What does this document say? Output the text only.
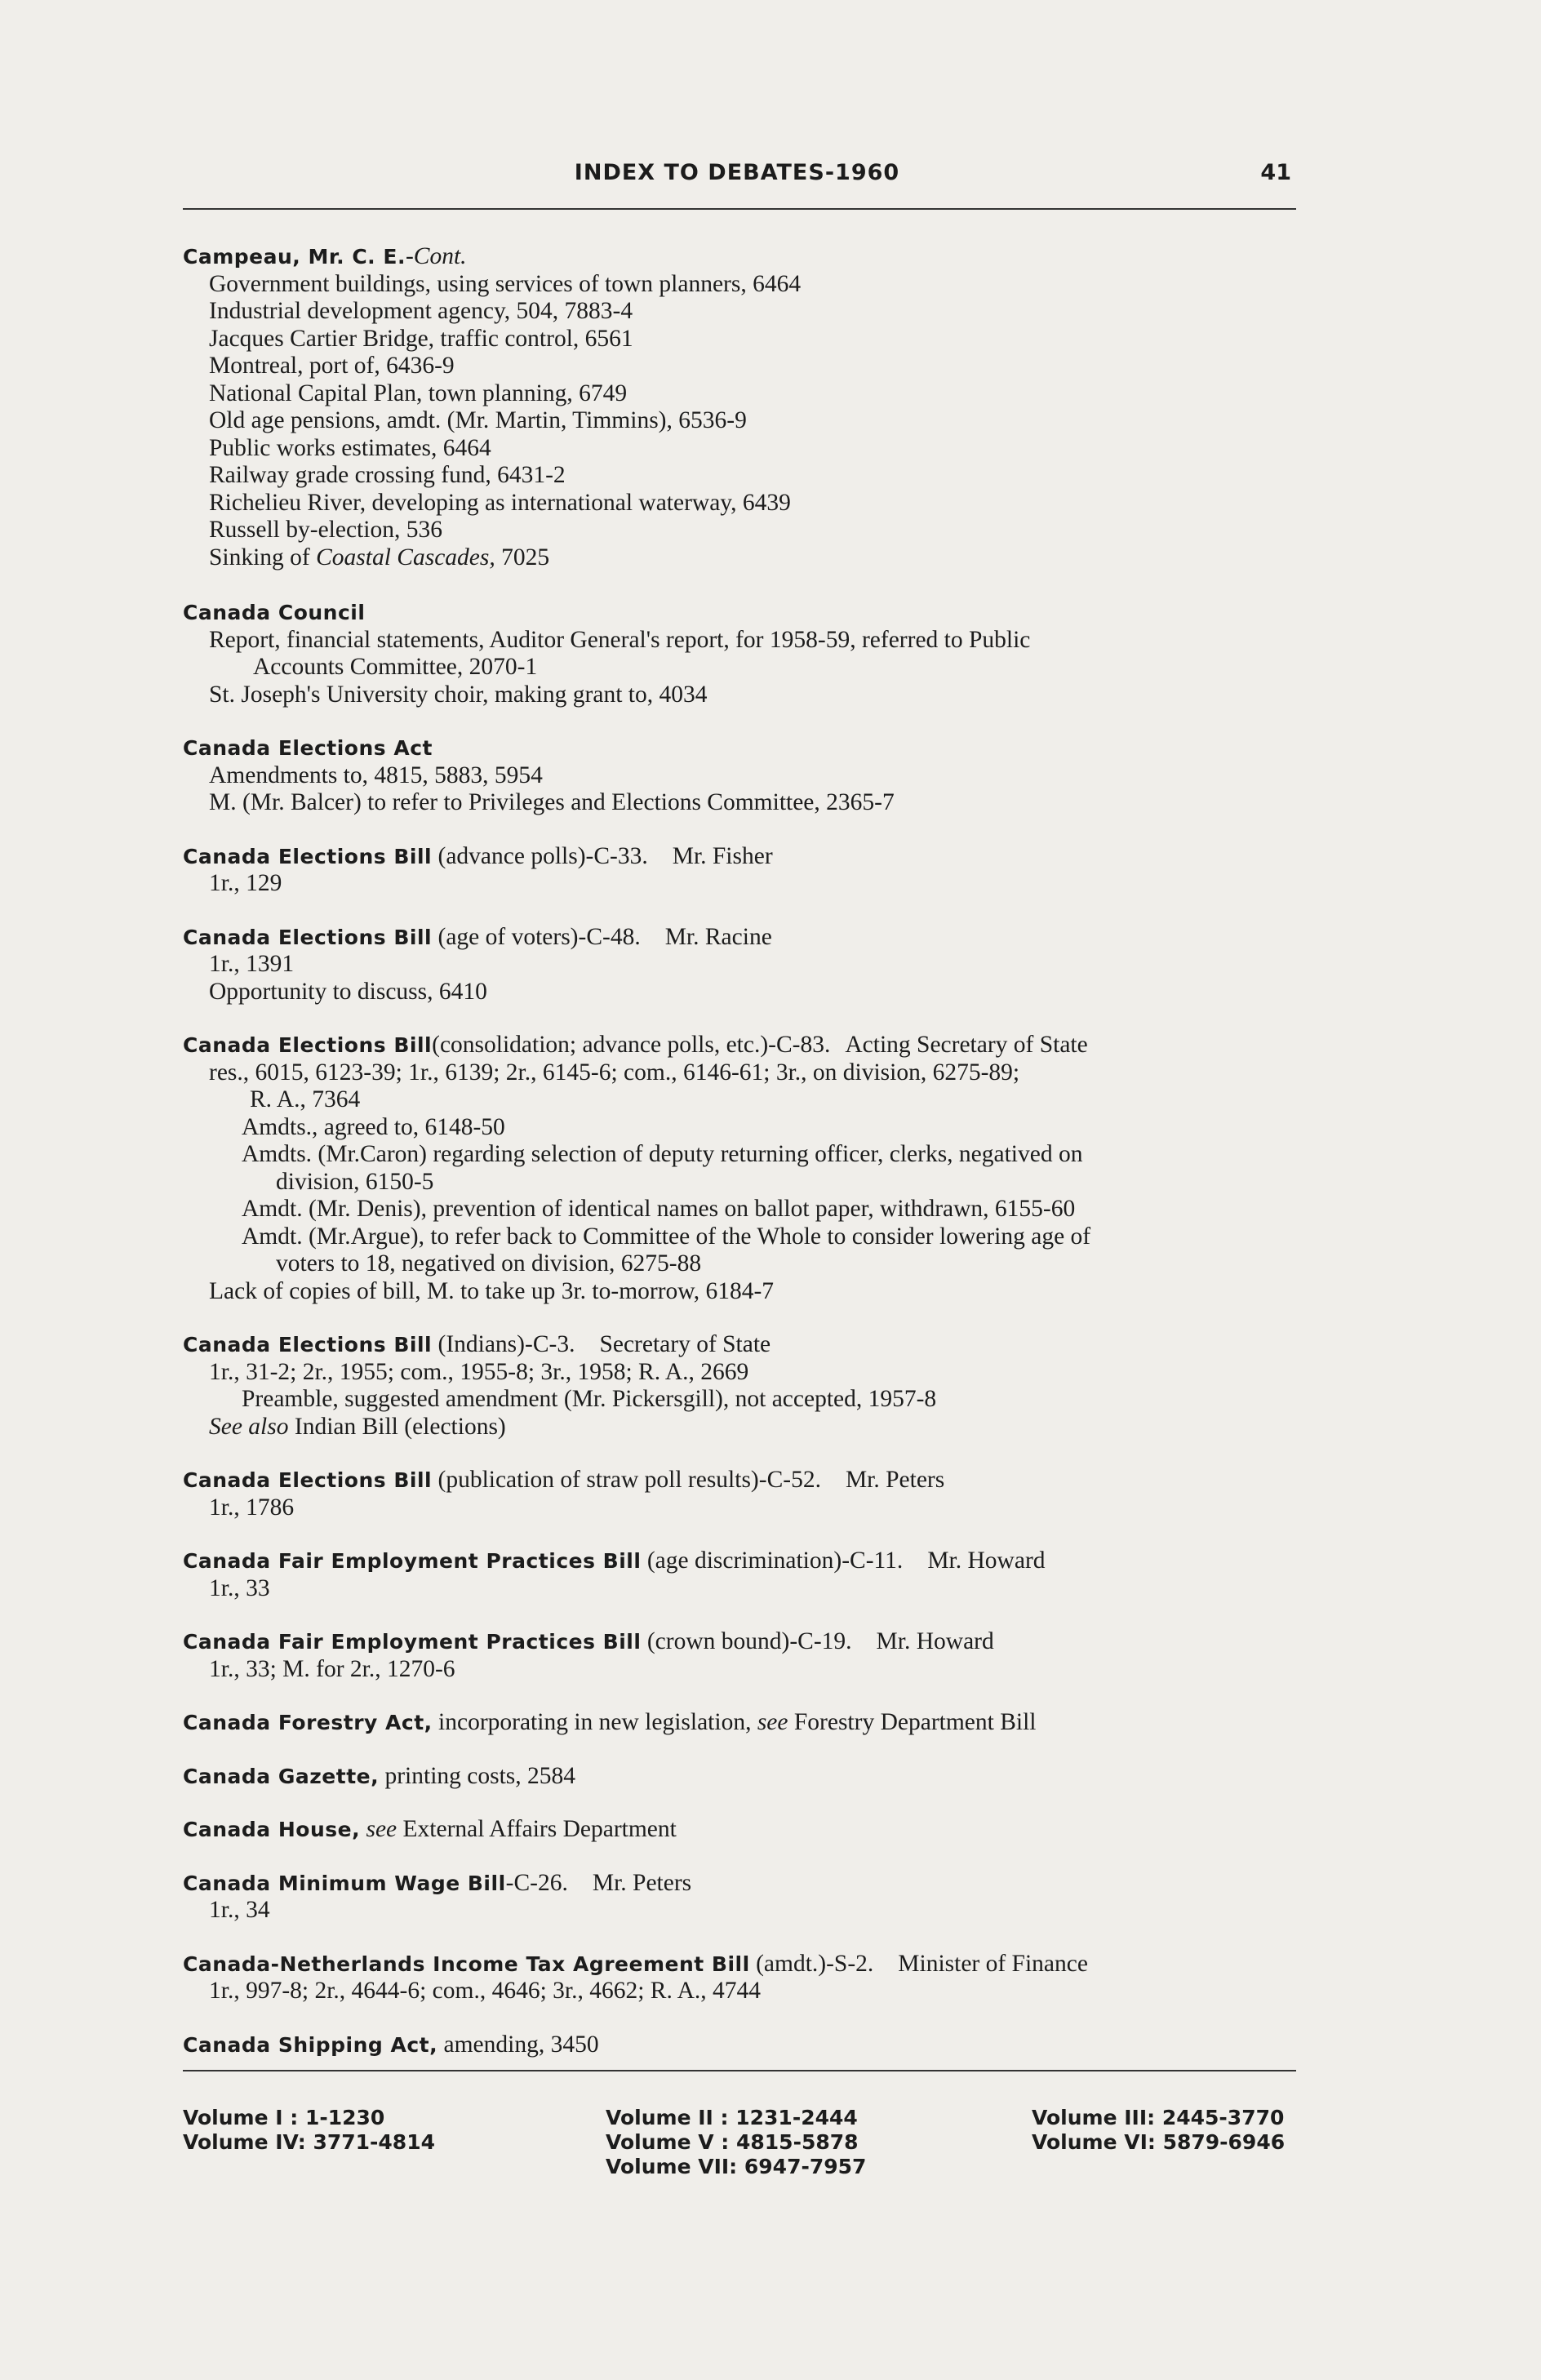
INDEX TO DEBATES-1960	41
Campeau, Mr. C. E.-Cont.
Government buildings, using services of town planners, 6464
Industrial development agency, 504, 7883-4
Jacques Cartier Bridge, traffic control, 6561
Montreal, port of, 6436-9
National Capital Plan, town planning, 6749
Old age pensions, amdt. (Mr. Martin, Timmins), 6536-9
Public works estimates, 6464
Railway grade crossing fund, 6431-2
Richelieu River, developing as international waterway, 6439
Russell by-election, 536
Sinking of Coastal Cascades, 7025
Canada Council
Report, financial statements, Auditor General's report, for 1958-59, referred to Public
Accounts Committee, 2070-1
St. Joseph's University choir, making grant to, 4034
Canada Elections Act
Amendments to, 4815, 5883, 5954
M. (Mr. Balcer) to refer to Privileges and Elections Committee, 2365-7
Canada Elections Bill (advance polls)-C-33. Mr. Fisher
1r., 129
Canada Elections Bill (age of voters)-C-48. Mr. Racine
1r., 1391
Opportunity to discuss, 6410
Canada Elections Bill(consolidation; advance polls, etc.)-C-83. Acting Secretary of State
res., 6015, 6123-39; 1r., 6139; 2r., 6145-6; com., 6146-61; 3r., on division, 6275-89;
R. A., 7364
Amdts., agreed to, 6148-50
Amdts. (Mr.Caron) regarding selection of deputy returning officer, clerks, negatived on
division, 6150-5
Amdt. (Mr. Denis), prevention of identical names on ballot paper, withdrawn, 6155-60
Amdt. (Mr.Argue), to refer back to Committee of the Whole to consider lowering age of
voters to 18, negatived on division, 6275-88
Lack of copies of bill, M. to take up 3r. to-morrow, 6184-7
Canada Elections Bill (Indians)-C-3. Secretary of State
1r., 31-2; 2r., 1955; com., 1955-8; 3r., 1958; R. A., 2669
Preamble, suggested amendment (Mr. Pickersgill), not accepted, 1957-8
See also Indian Bill (elections)
Canada Elections Bill (publication of straw poll results)-C-52. Mr. Peters
1r., 1786
Canada Fair Employment Practices Bill (age discrimination)-C-11. Mr. Howard
1r., 33
Canada Fair Employment Practices Bill (crown bound)-C-19. Mr. Howard
1r., 33; M. for 2r., 1270-6
Canada Forestry Act, incorporating in new legislation, see Forestry Department Bill
Canada Gazette, printing costs, 2584
Canada House, see External Affairs Department
Canada Minimum Wage Bill-C-26. Mr. Peters
1r., 34
Canada-Netherlands Income Tax Agreement Bill (amdt.)-S-2. Minister of Finance
1r., 997-8; 2r., 4644-6; com., 4646; 3r., 4662; R. A., 4744
Canada Shipping Act, amending, 3450
Volume I : 1-1230
Volume IV: 3771-4814
Volume II : 1231-2444
Volume V : 4815-5878
Volume VII: 6947-7957
Volume III: 2445-3770
Volume VI: 5879-6946
